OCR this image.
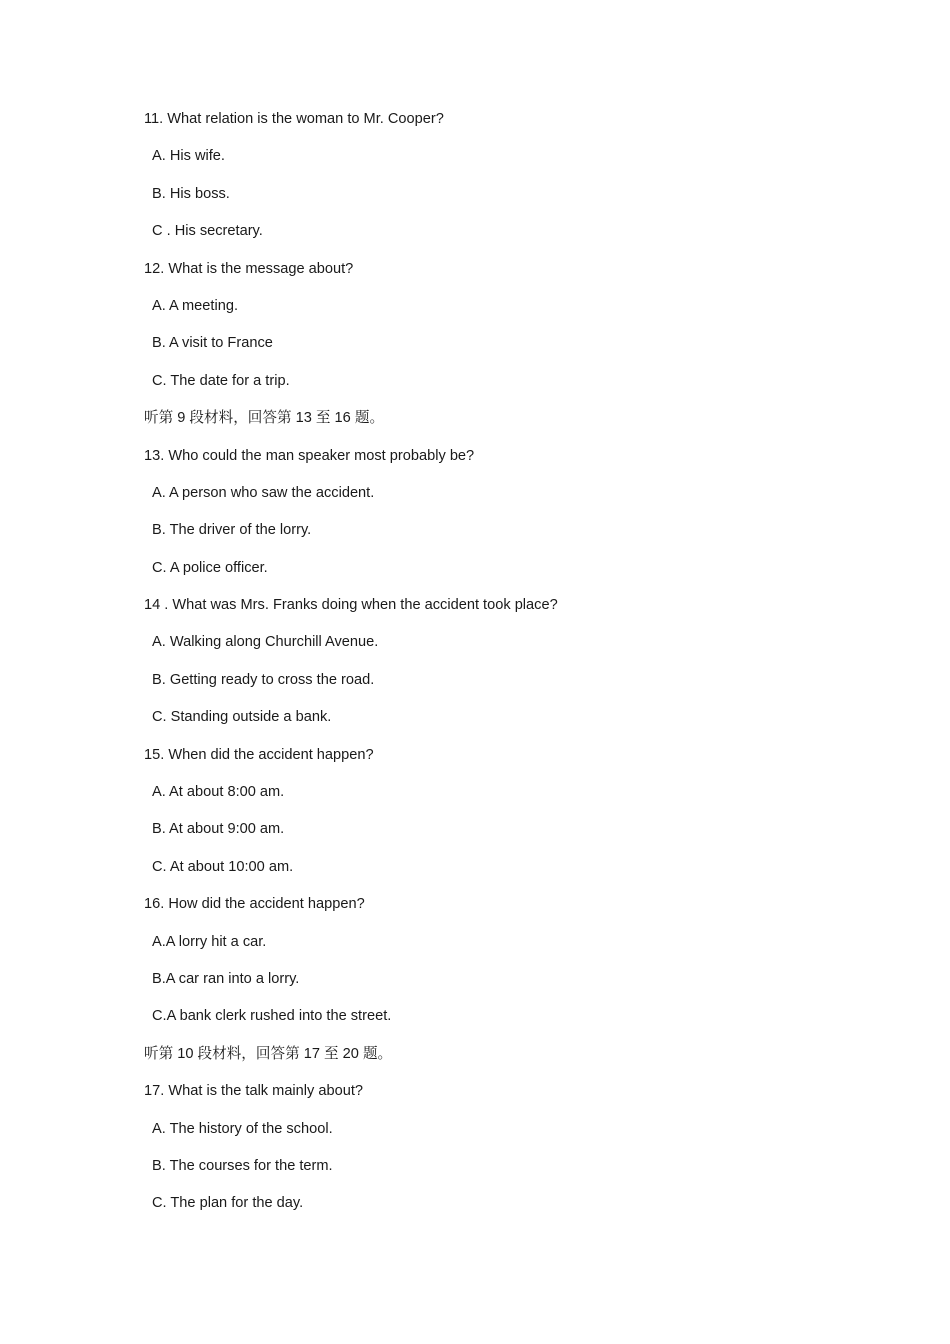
11. What relation is the woman to Mr. Cooper?
A. His wife.
B. His boss.
C . His secretary.
12. What is the message about?
A. A meeting.
B. A visit to France
C. The date for a trip.
听第 9 段材料，回答第 13 至 16 题。
13. Who could the man speaker most probably be?
A. A person who saw the accident.
B. The driver of the lorry.
C. A police officer.
14 . What was Mrs. Franks doing when the accident took place?
A. Walking along Churchill Avenue.
B. Getting ready to cross the road.
C. Standing outside a bank.
15. When did the accident happen?
A. At about 8:00 am.
B. At about 9:00 am.
C. At about 10:00 am.
16. How did the accident happen?
A.A lorry hit a car.
B.A car ran into a lorry.
C.A bank clerk rushed into the street.
听第 10 段材料，回答第 17 至 20 题。
17. What is the talk mainly about?
A. The history of the school.
B. The courses for the term.
C. The plan for the day.
